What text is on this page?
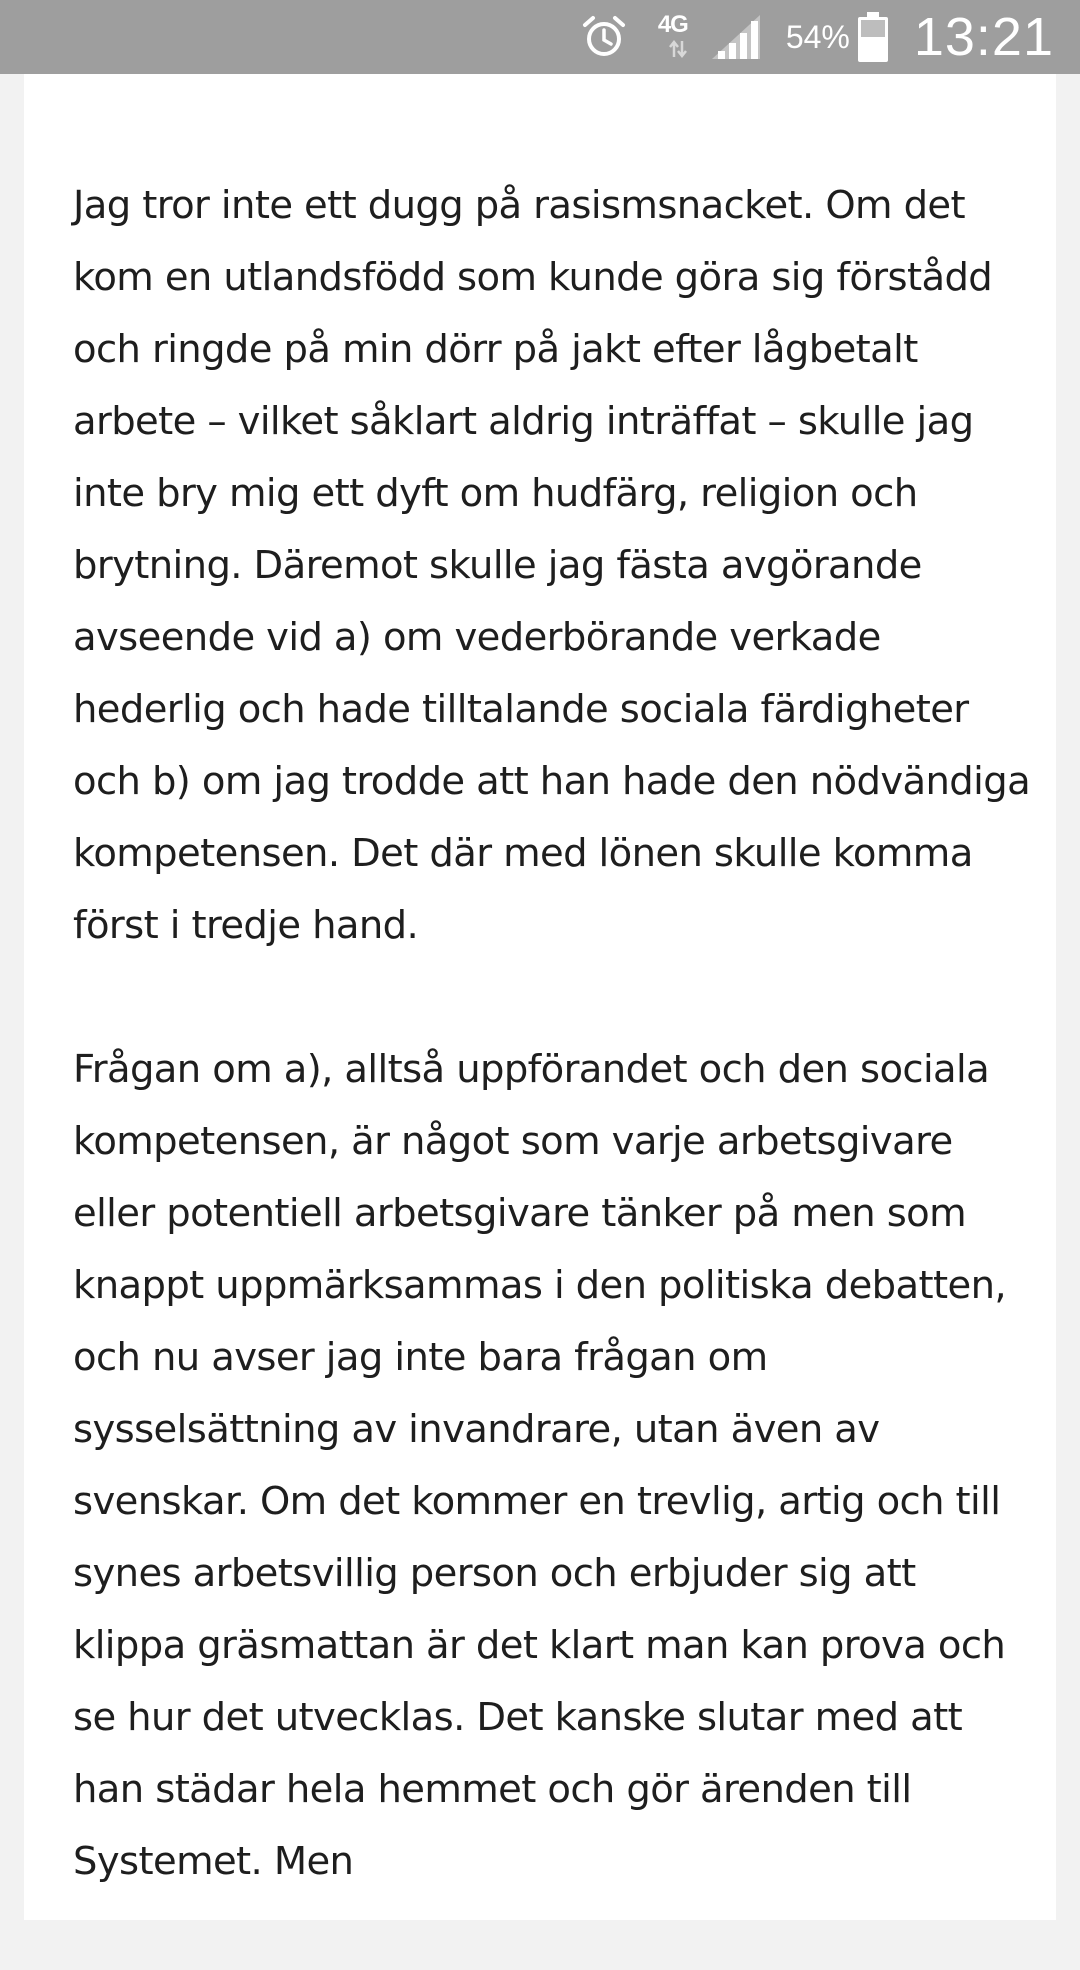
4G	54% 13:21

Jag tror inte ett dugg på rasismsnacket. Om det kom en utlandsfödd som kunde göra sig förstådd och ringde på min dörr på jakt efter lågbetalt arbete – vilket såklart aldrig inträffat – skulle jag inte bry mig ett dyft om hudfärg, religion och brytning. Däremot skulle jag fästa avgörande avseende vid a) om vederbörande verkade hederlig och hade tilltalande sociala färdigheter och b) om jag trodde att han hade den nödvändiga kompetensen. Det där med lönen skulle komma först i tredje hand.

Frågan om a), alltså uppförandet och den sociala kompetensen, är något som varje arbetsgivare eller potentiell arbetsgivare tänker på men som knappt uppmärksammas i den politiska debatten, och nu avser jag inte bara frågan om sysselsättning av invandrare, utan även av svenskar. Om det kommer en trevlig, artig och till synes arbetsvillig person och erbjuder sig att klippa gräsmattan är det klart man kan prova och se hur det utvecklas. Det kanske slutar med att han städar hela hemmet och gör ärenden till Systemet. Men
